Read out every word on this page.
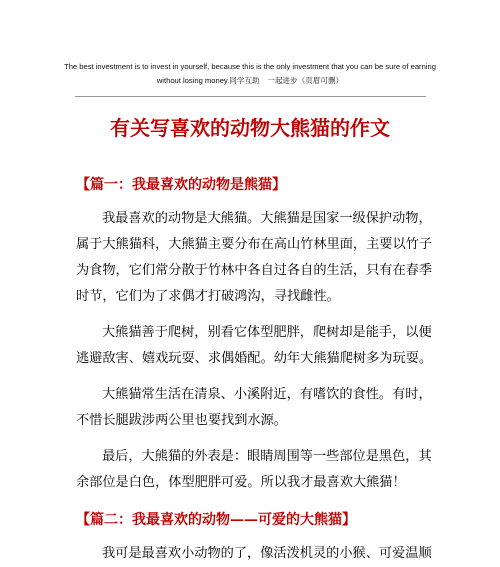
The best investment is to invest in yourself, because this is the only investment that you can be sure of earning
without losing money.同学互助　一起进步（页眉可删）
有关写喜欢的动物大熊猫的作文
【篇一：我最喜欢的动物是熊猫】
我最喜欢的动物是大熊猫。大熊猫是国家一级保护动物，
属于大熊猫科，大熊猫主要分布在高山竹林里面，主要以竹子
为食物，它们常分散于竹林中各自过各自的生活，只有在春季
时节，它们为了求偶才打破鸿沟，寻找雌性。
大熊猫善于爬树，别看它体型肥胖，爬树却是能手，以便
逃避敌害、嬉戏玩耍、求偶婚配。幼年大熊猫爬树多为玩耍。
大熊猫常生活在清泉、小溪附近，有嗜饮的食性。有时，
不惜长腿跋涉两公里也要找到水源。
最后，大熊猫的外表是：眼睛周围等一些部位是黑色，其
余部位是白色，体型肥胖可爱。所以我才最喜欢大熊猫！
【篇二：我最喜欢的动物——可爱的大熊猫】
我可是最喜欢小动物的了，像活泼机灵的小猴、可爱温顺
